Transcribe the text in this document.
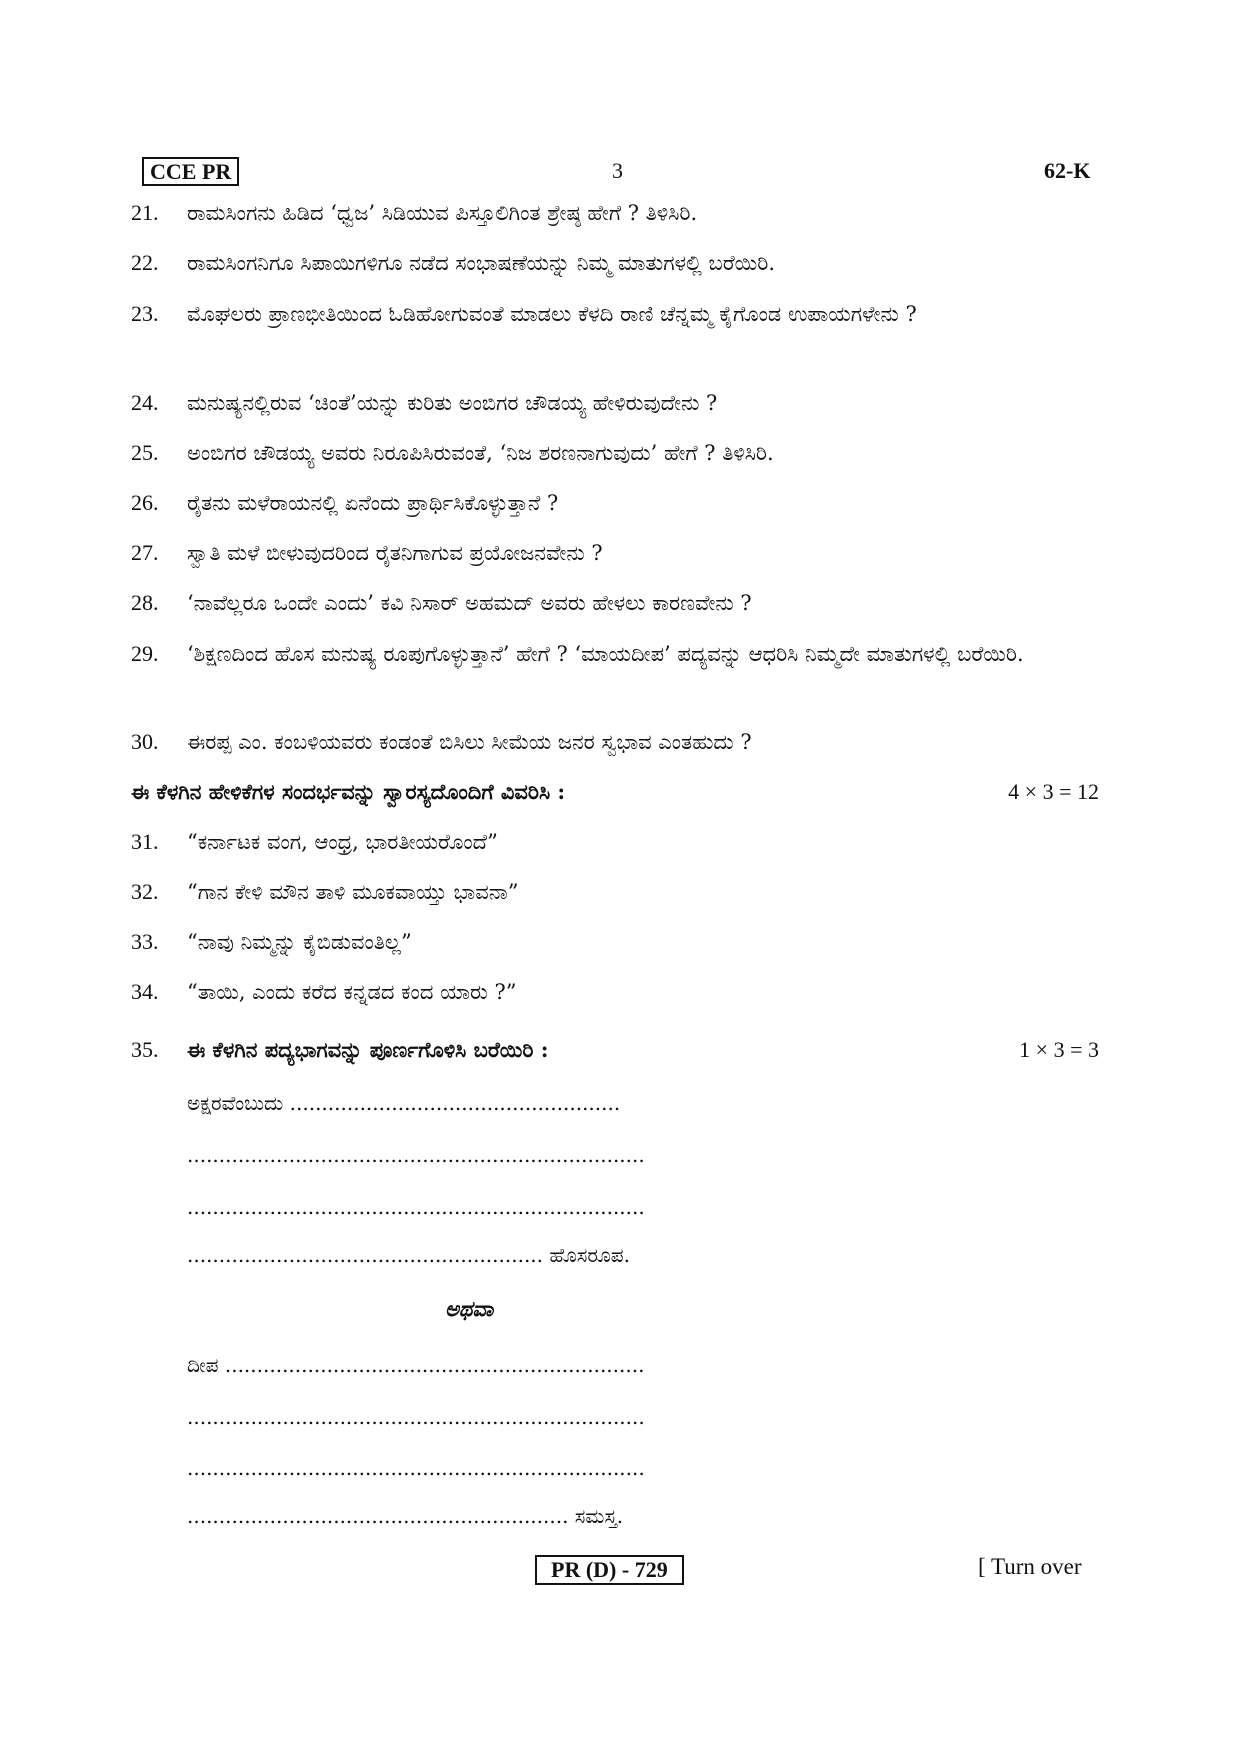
CCE PR	3	62-K
21.	ರಾಮಸಿಂಗನು ಹಿಡಿದ ‘ಧ್ವಜ’ ಸಿಡಿಯುವ ಪಿಸ್ತೂಲಿಗಿಂತ ಶ್ರೇಷ್ಠ ಹೇಗೆ ? ತಿಳಿಸಿರಿ.
22.	ರಾಮಸಿಂಗನಿಗೂ ಸಿಪಾಯಿಗಳಿಗೂ ನಡೆದ ಸಂಭಾಷಣೆಯನ್ನು ನಿಮ್ಮ ಮಾತುಗಳಲ್ಲಿ ಬರೆಯಿರಿ.
23.	ಮೊಘಲರು ಪ್ರಾಣಭೀತಿಯಿಂದ ಓಡಿಹೋಗುವಂತೆ ಮಾಡಲು ಕೆಳದಿ ರಾಣಿ ಚೆನ್ನಮ್ಮ ಕೈಗೊಂಡ ಉಪಾಯಗಳೇನು ?
24.	ಮನುಷ್ಯನಲ್ಲಿರುವ ‘ಚಿಂತೆ’ಯನ್ನು ಕುರಿತು ಅಂಬಿಗರ ಚೌಡಯ್ಯ ಹೇಳಿರುವುದೇನು ?
25.	ಅಂಬಿಗರ ಚೌಡಯ್ಯ ಅವರು ನಿರೂಪಿಸಿರುವಂತೆ, ‘ನಿಜ ಶರಣನಾಗುವುದು’ ಹೇಗೆ ? ತಿಳಿಸಿರಿ.
26.	ರೈತನು ಮಳೆರಾಯನಲ್ಲಿ ಏನೆಂದು ಪ್ರಾರ್ಥಿಸಿಕೊಳ್ಳುತ್ತಾನೆ ?
27.	ಸ್ವಾತಿ ಮಳೆ ಬೀಳುವುದರಿಂದ ರೈತನಿಗಾಗುವ ಪ್ರಯೋಜನವೇನು ?
28.	‘ನಾವೆಲ್ಲರೂ ಒಂದೇ ಎಂದು’ ಕವಿ ನಿಸಾರ್ ಅಹಮದ್ ಅವರು ಹೇಳಲು ಕಾರಣವೇನು ?
29.	‘ಶಿಕ್ಷಣದಿಂದ ಹೊಸ ಮನುಷ್ಯ ರೂಪುಗೊಳ್ಳುತ್ತಾನೆ’ ಹೇಗೆ ? ‘ಮಾಯದೀಪ’ ಪದ್ಯವನ್ನು ಆಧರಿಸಿ ನಿಮ್ಮದೇ ಮಾತುಗಳಲ್ಲಿ ಬರೆಯಿರಿ.
30.	ಈರಪ್ಪ ಎಂ. ಕಂಬಳಿಯವರು ಕಂಡಂತೆ ಬಿಸಿಲು ಸೀಮೆಯ ಜನರ ಸ್ವಭಾವ ಎಂತಹುದು ?
ಈ ಕೆಳಗಿನ ಹೇಳಿಕೆಗಳ ಸಂದರ್ಭವನ್ನು ಸ್ವಾರಸ್ಯದೊಂದಿಗೆ ವಿವರಿಸಿ :	4 × 3 = 12
31.	“ಕರ್ನಾಟಕ ವಂಗ, ಆಂಧ್ರ, ಭಾರತೀಯರೊಂದೆ”
32.	“ಗಾನ ಕೇಳಿ ಮೌನ ತಾಳಿ ಮೂಕವಾಯ್ತು ಭಾವನಾ”
33.	“ನಾವು ನಿಮ್ಮನ್ನು ಕೈಬಿಡುವಂತಿಲ್ಲ”
34.	“ತಾಯಿ, ಎಂದು ಕರೆದ ಕನ್ನಡದ ಕಂದ ಯಾರು ?”
35.	ಈ ಕೆಳಗಿನ ಪದ್ಯಭಾಗವನ್ನು ಪೂರ್ಣಗೊಳಿಸಿ ಬರೆಯಿರಿ :	1 × 3 = 3
ಅಕ್ಷರವೆಂಬುದು ....................................................
........................................................................
........................................................................
........................................................ ಹೊಸರೂಪ.
ಅಥವಾ
ದೀಪ ..................................................................
........................................................................
........................................................................
............................................................ ಸಮಸ್ತ.
PR (D) - 729	[ Turn over
